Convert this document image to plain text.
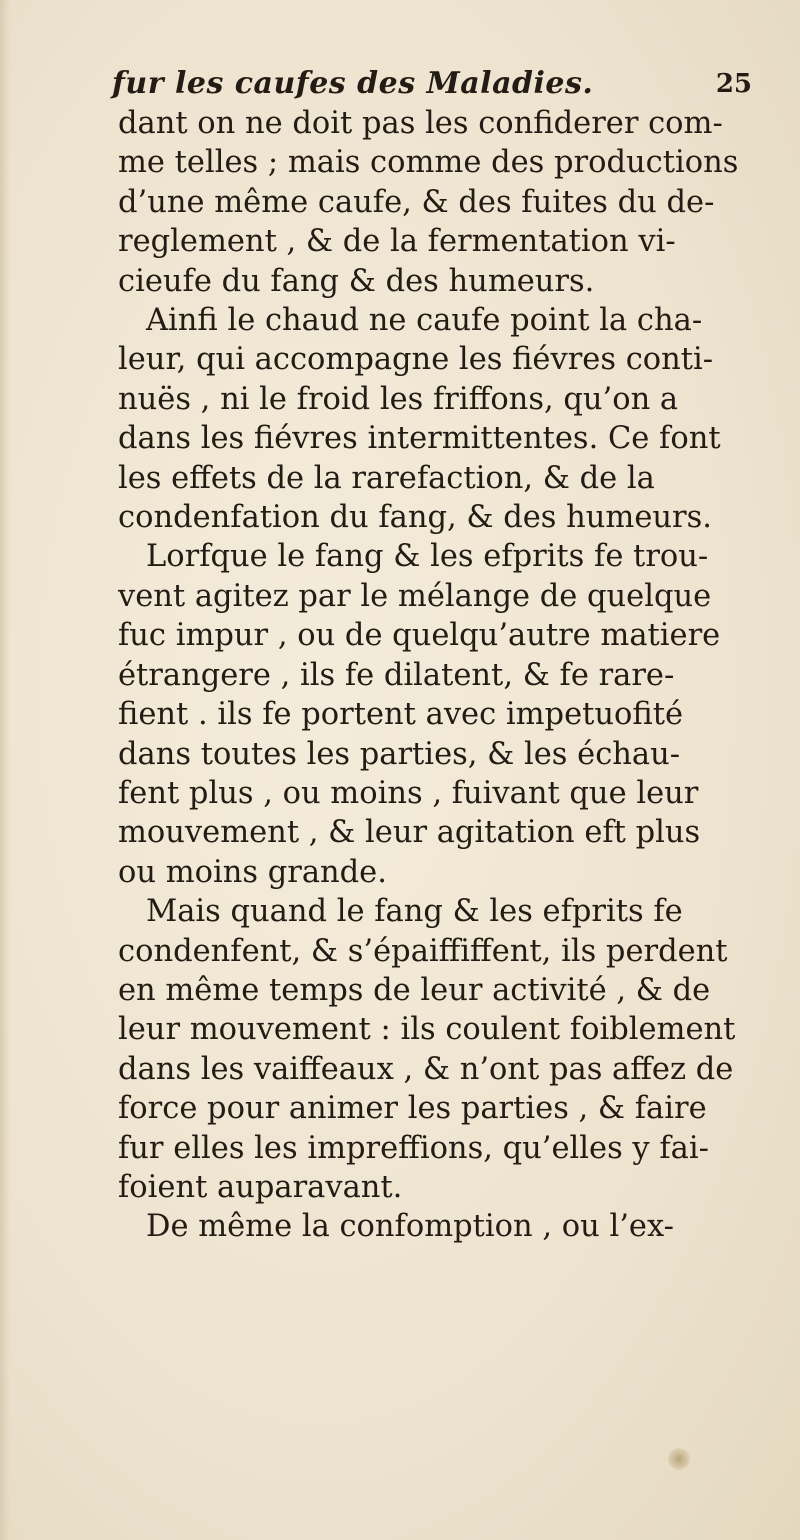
fur les caufes des Maladies.	25
dant on ne doit pas les confiderer com-
me telles ; mais comme des productions
d’une même caufe, & des fuites du de-
reglement , & de la fermentation vi-
cieufe du fang & des humeurs.
Ainfi le chaud ne caufe point la cha-
leur, qui accompagne les fiévres conti-
nuës , ni le froid les friffons, qu’on a
dans les fiévres intermittentes. Ce font
les effets de la rarefaction, & de la
condenfation du fang, & des humeurs.
Lorfque le fang & les efprits fe trou-
vent agitez par le mélange de quelque
fuc impur , ou de quelqu’autre matiere
étrangere , ils fe dilatent, & fe rare-
fient . ils fe portent avec impetuofité
dans toutes les parties, & les échau-
fent plus , ou moins , fuivant que leur
mouvement , & leur agitation eft plus
ou moins grande.
Mais quand le fang & les efprits fe
condenfent, & s’épaiffiffent, ils perdent
en même temps de leur activité , & de
leur mouvement : ils coulent foiblement
dans les vaiffeaux , & n’ont pas affez de
force pour animer les parties , & faire
fur elles les impreffions, qu’elles y fai-
foient auparavant.
De même la confomption , ou l’ex-
